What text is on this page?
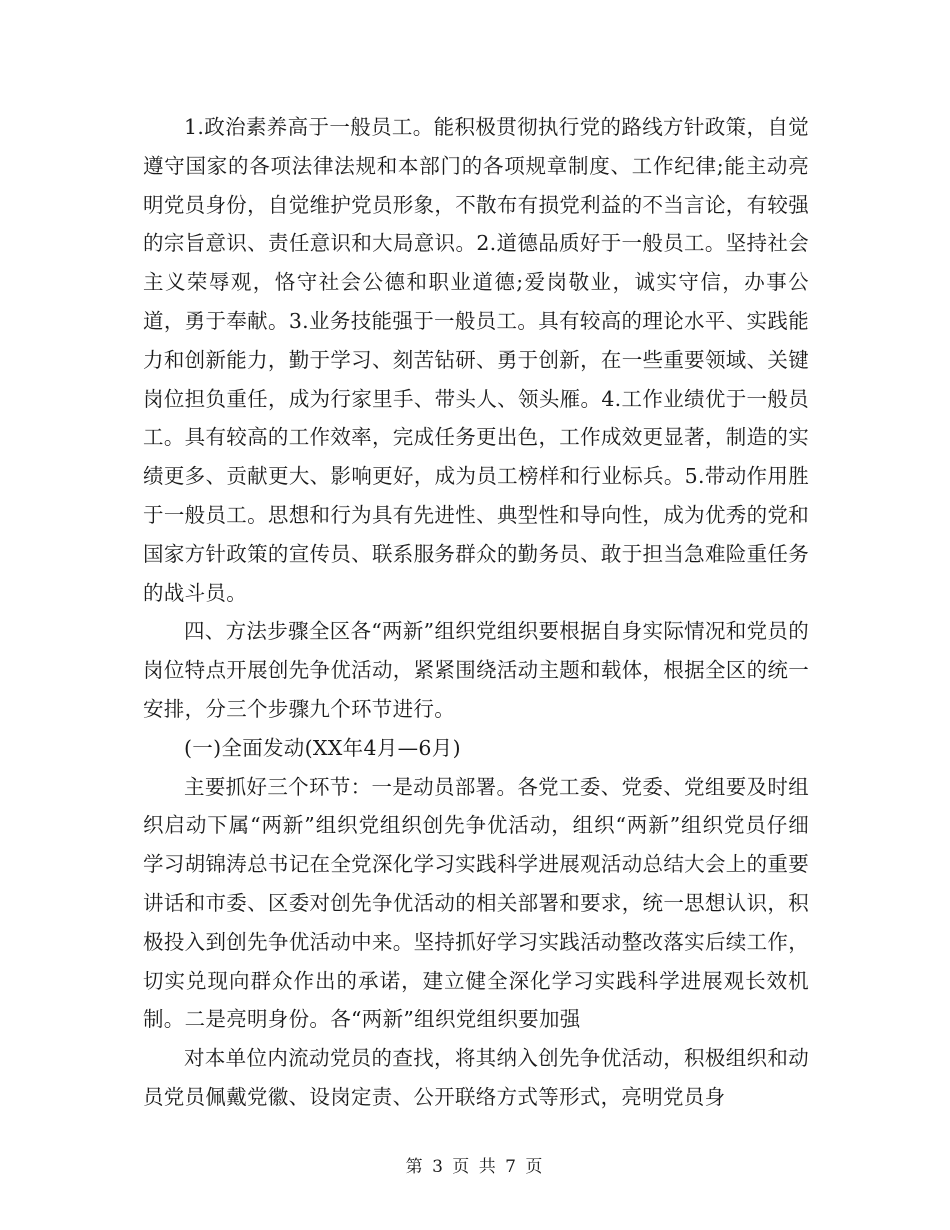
1.政治素养高于一般员工。能积极贯彻执行党的路线方针政策，自觉遵守国家的各项法律法规和本部门的各项规章制度、工作纪律;能主动亮明党员身份，自觉维护党员形象，不散布有损党利益的不当言论，有较强的宗旨意识、责任意识和大局意识。2.道德品质好于一般员工。坚持社会主义荣辱观，恪守社会公德和职业道德;爱岗敬业，诚实守信，办事公道，勇于奉献。3.业务技能强于一般员工。具有较高的理论水平、实践能力和创新能力，勤于学习、刻苦钻研、勇于创新，在一些重要领域、关键岗位担负重任，成为行家里手、带头人、领头雁。4.工作业绩优于一般员工。具有较高的工作效率，完成任务更出色，工作成效更显著，制造的实绩更多、贡献更大、影响更好，成为员工榜样和行业标兵。5.带动作用胜于一般员工。思想和行为具有先进性、典型性和导向性，成为优秀的党和国家方针政策的宣传员、联系服务群众的勤务员、敢于担当急难险重任务的战斗员。

四、方法步骤全区各“两新”组织党组织要根据自身实际情况和党员的岗位特点开展创先争优活动，紧紧围绕活动主题和载体，根据全区的统一安排，分三个步骤九个环节进行。

(一)全面发动(XX年4月—6月)

主要抓好三个环节：一是动员部署。各党工委、党委、党组要及时组织启动下属“两新”组织党组织创先争优活动，组织“两新”组织党员仔细学习胡锦涛总书记在全党深化学习实践科学进展观活动总结大会上的重要讲话和市委、区委对创先争优活动的相关部署和要求，统一思想认识，积极投入到创先争优活动中来。坚持抓好学习实践活动整改落实后续工作，切实兑现向群众作出的承诺，建立健全深化学习实践科学进展观长效机制。二是亮明身份。各“两新”组织党组织要加强

对本单位内流动党员的查找，将其纳入创先争优活动，积极组织和动员党员佩戴党徽、设岗定责、公开联络方式等形式，亮明党员身

第 3 页 共 7 页
